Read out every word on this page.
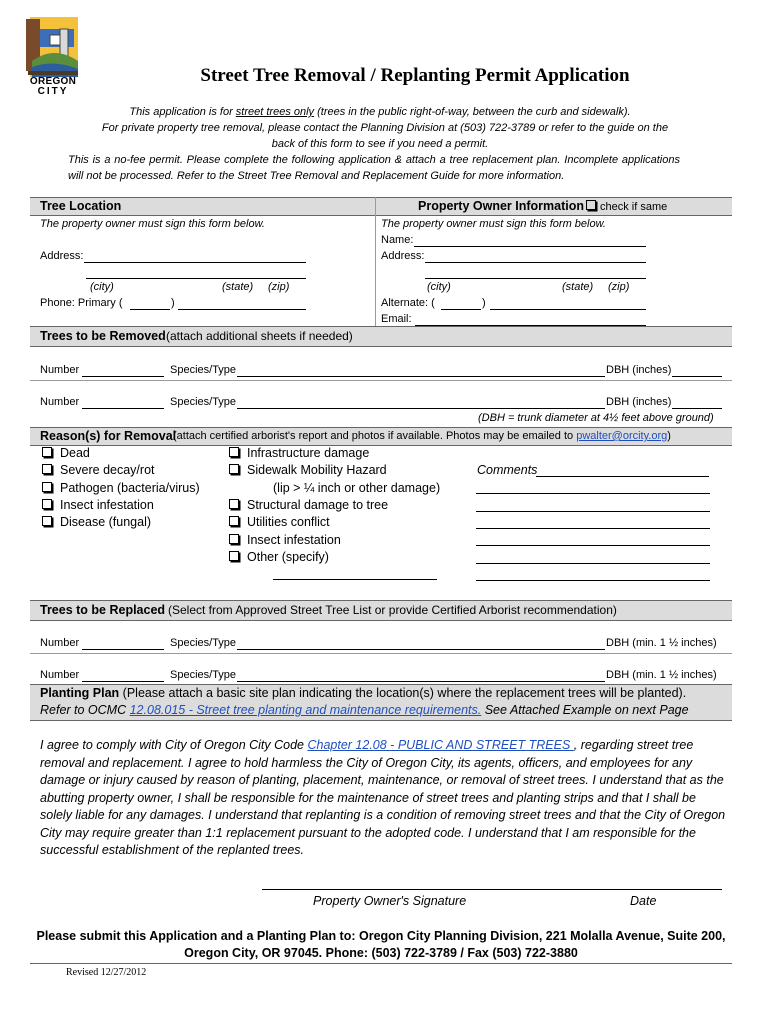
OREGON
CITY
Street Tree Removal / Replanting Permit Application
This application is for street trees only (trees in the public right-of-way, between the curb and sidewalk).
For private property tree removal, please contact the Planning Division at (503) 722-3789 or refer to the guide on the
back of this form to see if you need a permit.
This is a no-fee permit. Please complete the following application & attach a tree replacement plan. Incomplete applications will not be processed. Refer to the Street Tree Removal and Replacement Guide for more information.
Tree Location	Property Owner Information	check if same
The property owner must sign this form below.
Address:
(city)	(state) (zip)
Phone: Primary (	)
The property owner must sign this form below.
Name:
Address:
(city)	(state) (zip)
Alternate: (	)
Email:
Trees to be Removed (attach additional sheets if needed)
Number	Species/Type	DBH (inches)
Number	Species/Type	DBH (inches)
(DBH = trunk diameter at 4½ feet above ground)
Reason(s) for Removal
(attach certified arborist's report and photos if available. Photos may be emailed to pwalter@orcity.org)
Dead
Severe decay/rot
Pathogen (bacteria/virus)
Insect infestation
Disease (fungal)
Infrastructure damage
Sidewalk Mobility Hazard
(lip > ¼ inch or other damage)
Structural damage to tree
Utilities conflict
Insect infestation
Other (specify)
Comments
Trees to be Replaced (Select from Approved Street Tree List or provide Certified Arborist recommendation)
Number	Species/Type	DBH (min. 1 ½ inches)
Number	Species/Type	DBH (min. 1 ½ inches)
Planting Plan (Please attach a basic site plan indicating the location(s) where the replacement trees will be planted).
Refer to OCMC 12.08.015 - Street tree planting and maintenance requirements. See Attached Example on next Page
I agree to comply with City of Oregon City Code Chapter 12.08 - PUBLIC AND STREET TREES , regarding street tree removal and replacement. I agree to hold harmless the City of Oregon City, its agents, officers, and employees for any damage or injury caused by reason of planting, placement, maintenance, or removal of street trees. I understand that as the abutting property owner, I shall be responsible for the maintenance of street trees and planting strips and that I shall be solely liable for any damages. I understand that replanting is a condition of removing street trees and that the City of Oregon City may require greater than 1:1 replacement pursuant to the adopted code. I understand that I am responsible for the successful establishment of the replanted trees.
Property Owner's Signature	Date
Please submit this Application and a Planting Plan to: Oregon City Planning Division, 221 Molalla Avenue, Suite 200,
Oregon City, OR 97045. Phone: (503) 722-3789 / Fax (503) 722-3880
Revised 12/27/2012
